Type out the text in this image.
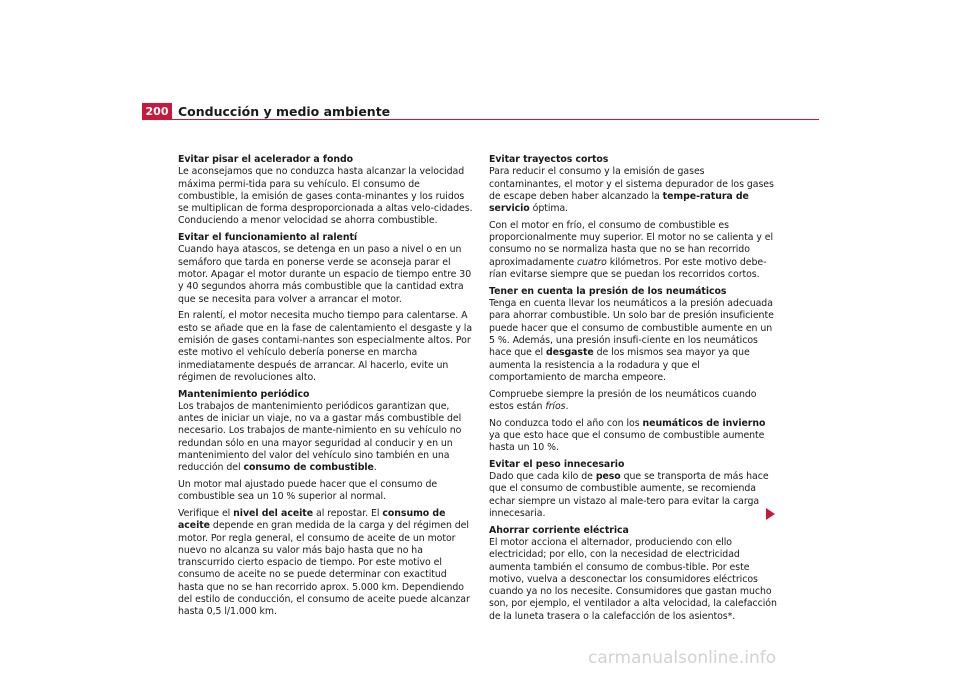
200 Conducción y medio ambiente
Evitar pisar el acelerador a fondo

Le aconsejamos que no conduzca hasta alcanzar la velocidad máxima permi-tida para su vehículo. El consumo de combustible, la emisión de gases conta-minantes y los ruidos se multiplican de forma desproporcionada a altas velo-cidades. Conduciendo a menor velocidad se ahorra combustible.

Evitar el funcionamiento al ralentí

Cuando haya atascos, se detenga en un paso a nivel o en un semáforo que tarda en ponerse verde se aconseja parar el motor. Apagar el motor durante un espacio de tiempo entre 30 y 40 segundos ahorra más combustible que la cantidad extra que se necesita para volver a arrancar el motor.

En ralentí, el motor necesita mucho tiempo para calentarse. A esto se añade que en la fase de calentamiento el desgaste y la emisión de gases contami-nantes son especialmente altos. Por este motivo el vehículo debería ponerse en marcha inmediatamente después de arrancar. Al hacerlo, evite un régimen de revoluciones alto.

Mantenimiento periódico

Los trabajos de mantenimiento periódicos garantizan que, antes de iniciar un viaje, no va a gastar más combustible del necesario. Los trabajos de mante-nimiento en su vehículo no redundan sólo en una mayor seguridad al conducir y en un mantenimiento del valor del vehículo sino también en una reducción del consumo de combustible.

Un motor mal ajustado puede hacer que el consumo de combustible sea un 10 % superior al normal.

Verifique el nivel del aceite al repostar. El consumo de aceite depende en gran medida de la carga y del régimen del motor. Por regla general, el consumo de aceite de un motor nuevo no alcanza su valor más bajo hasta que no ha transcurrido cierto espacio de tiempo. Por este motivo el consumo de aceite no se puede determinar con exactitud hasta que no se han recorrido aprox. 5.000 km. Dependiendo del estilo de conducción, el consumo de aceite puede alcanzar hasta 0,5 l/1.000 km.

Evitar trayectos cortos

Para reducir el consumo y la emisión de gases contaminantes, el motor y el sistema depurador de los gases de escape deben haber alcanzado la tempe-ratura de servicio óptima.

Con el motor en frío, el consumo de combustible es proporcionalmente muy superior. El motor no se calienta y el consumo no se normaliza hasta que no se han recorrido aproximadamente cuatro kilómetros. Por este motivo debe-rían evitarse siempre que se puedan los recorridos cortos.

Tener en cuenta la presión de los neumáticos

Tenga en cuenta llevar los neumáticos a la presión adecuada para ahorrar combustible. Un solo bar de presión insuficiente puede hacer que el consumo de combustible aumente en un 5 %. Además, una presión insufi-ciente en los neumáticos hace que el desgaste de los mismos sea mayor ya que aumenta la resistencia a la rodadura y que el comportamiento de marcha empeore.

Compruebe siempre la presión de los neumáticos cuando estos están fríos.

No conduzca todo el año con los neumáticos de invierno ya que esto hace que el consumo de combustible aumente hasta un 10 %.

Evitar el peso innecesario

Dado que cada kilo de peso que se transporta de más hace que el consumo de combustible aumente, se recomienda echar siempre un vistazo al male-tero para evitar la carga innecesaria.

Ahorrar corriente eléctrica

El motor acciona el alternador, produciendo con ello electricidad; por ello, con la necesidad de electricidad aumenta también el consumo de combus-tible. Por este motivo, vuelva a desconectar los consumidores eléctricos cuando ya no los necesite. Consumidores que gastan mucho son, por ejemplo, el ventilador a alta velocidad, la calefacción de la luneta trasera o la calefacción de los asientos*.

carmanualsonline.info
